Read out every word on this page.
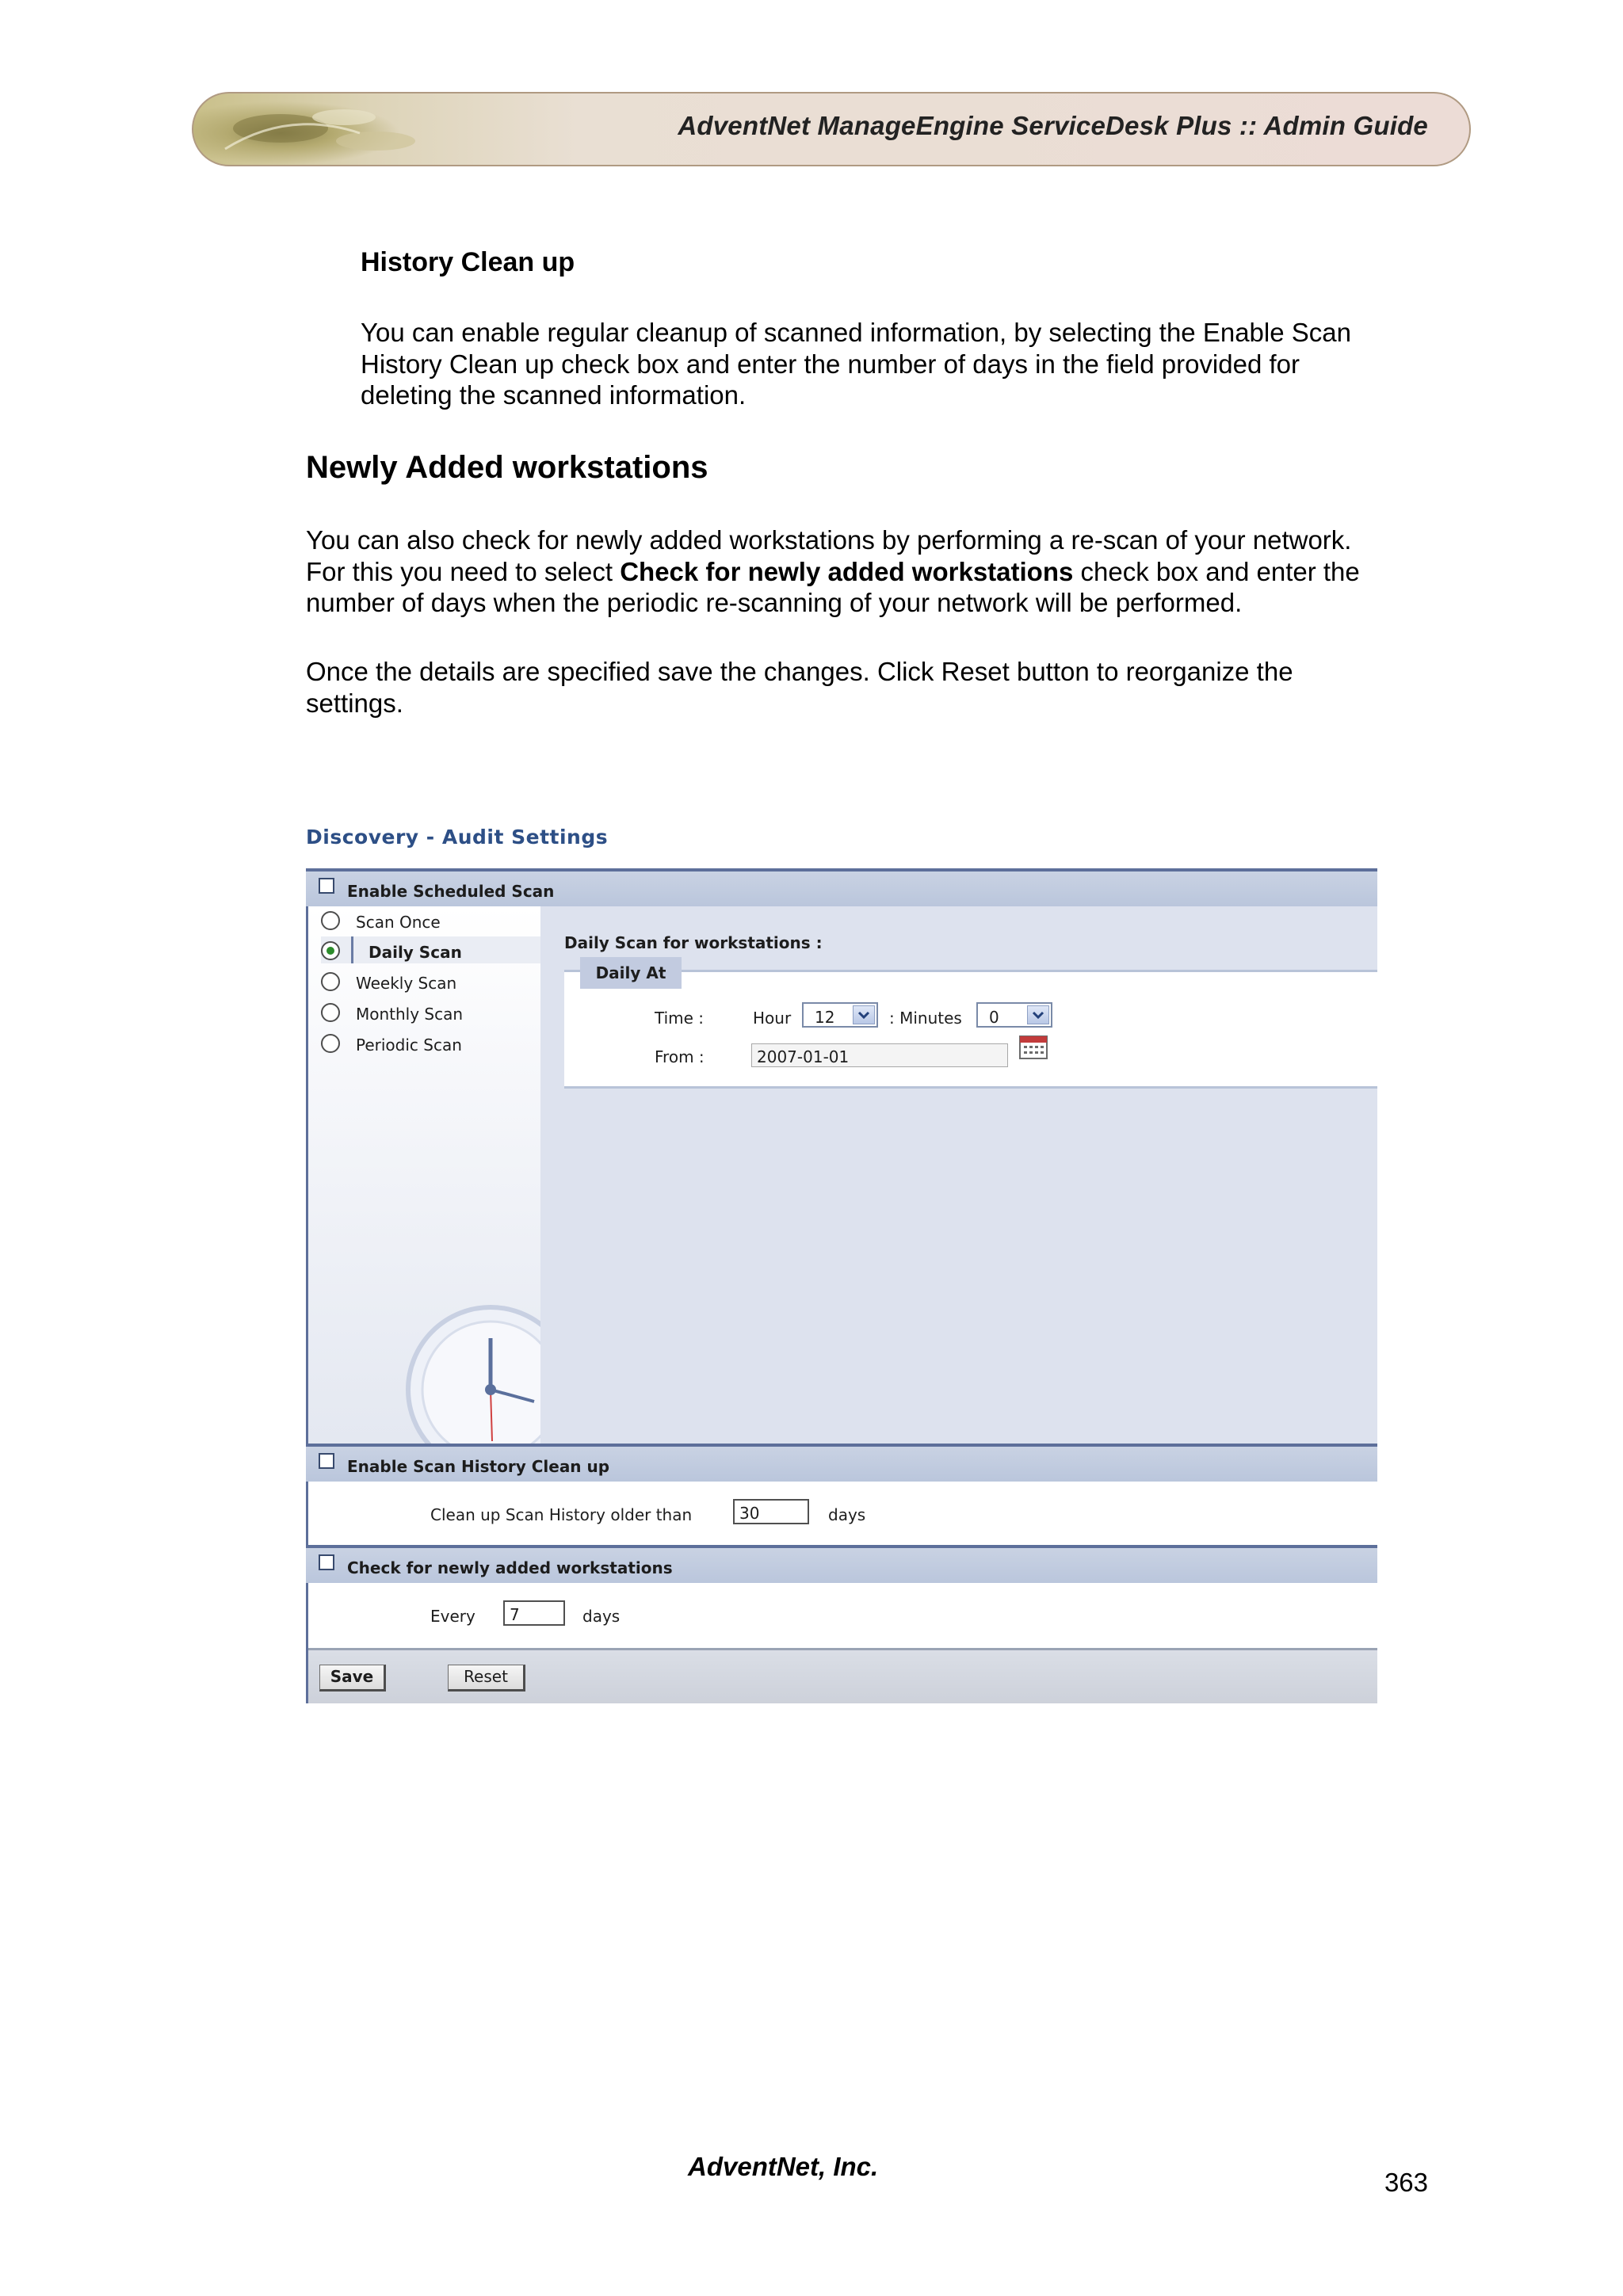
AdventNet ManageEngine ServiceDesk Plus :: Admin Guide
History Clean up

You can enable regular cleanup of scanned information, by selecting the Enable Scan

History Clean up check box and enter the number of days in the field provided for

deleting the scanned information.

Newly Added workstations

You can also check for newly added workstations by performing a re-scan of your network.

For this you need to select Check for newly added workstations check box and enter the

number of days when the periodic re-scanning of your network will be performed.

Once the details are specified save the changes. Click Reset button to reorganize the

settings.

Discovery - Audit Settings
Enable Scheduled Scan
Scan Once
Daily Scan
Weekly Scan
Monthly Scan
Periodic Scan
Daily Scan for workstations :
Time :	Hour 12	: Minutes 0
From :	2007-01-01
Daily At
Enable Scan History Clean up
Clean up Scan History older than	30	days
Check for newly added workstations
Every 7	days
Save	Reset
AdventNet, Inc.
363
